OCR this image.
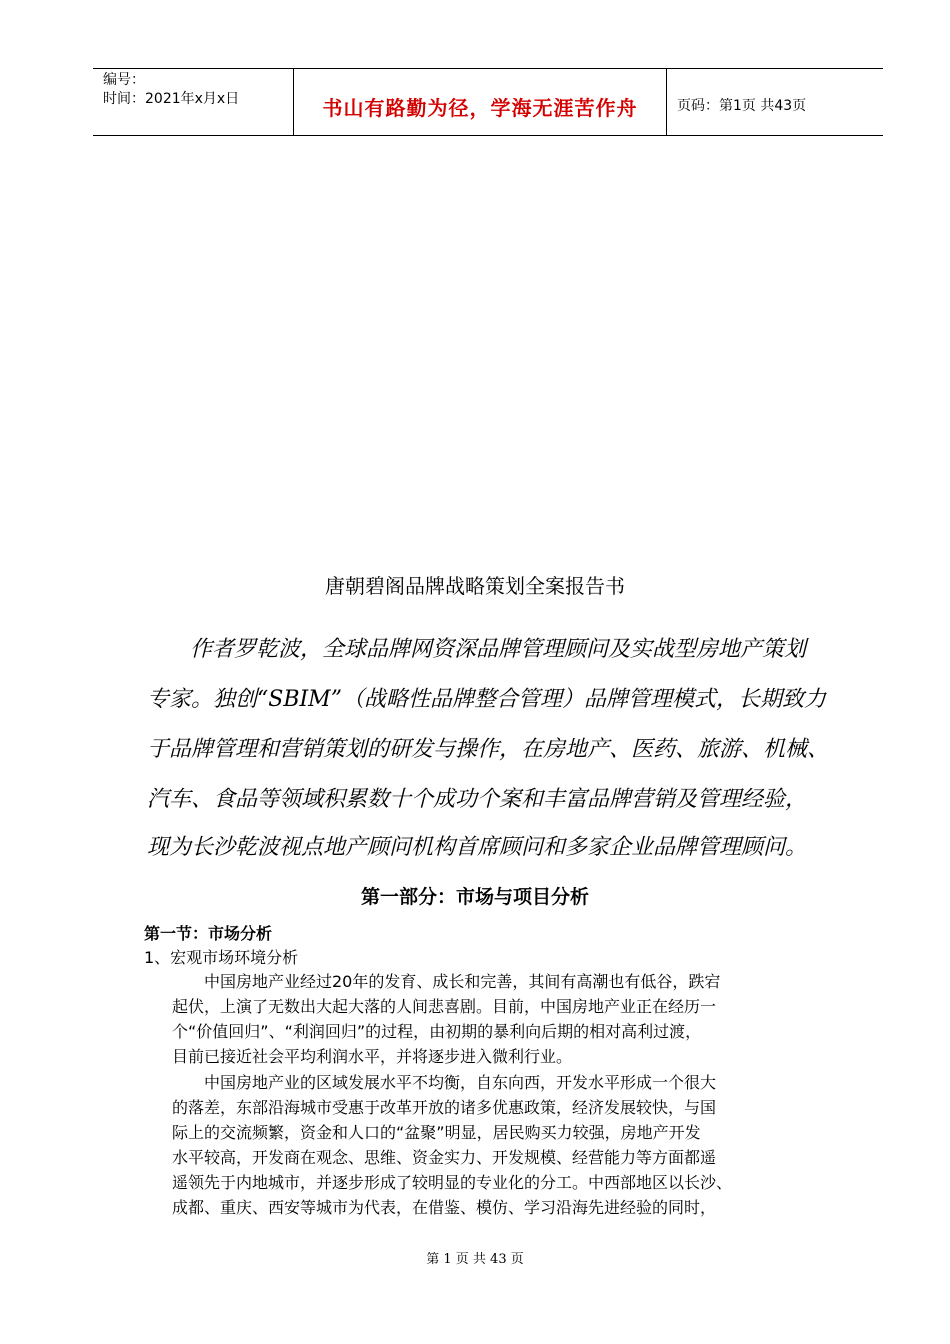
编号：
时间：2021年x月x日	书山有路勤为径，学海无涯苦作舟	页码：第1页 共43页
唐朝碧阁品牌战略策划全案报告书
作者罗乾波，全球品牌网资深品牌管理顾问及实战型房地产策划
专家。独创“SBIM”（战略性品牌整合管理）品牌管理模式，长期致力
于品牌管理和营销策划的研发与操作，在房地产、医药、旅游、机械、
汽车、食品等领域积累数十个成功个案和丰富品牌营销及管理经验，
现为长沙乾波视点地产顾问机构首席顾问和多家企业品牌管理顾问。
第一部分：市场与项目分析
第一节：市场分析
1、宏观市场环境分析
　　中国房地产业经过20年的发育、成长和完善，其间有高潮也有低谷，跌宕
起伏，上演了无数出大起大落的人间悲喜剧。目前，中国房地产业正在经历一
个“价值回归”、“利润回归”的过程，由初期的暴利向后期的相对高利过渡，
目前已接近社会平均利润水平，并将逐步进入微利行业。
　　中国房地产业的区域发展水平不均衡，自东向西，开发水平形成一个很大
的落差，东部沿海城市受惠于改革开放的诸多优惠政策，经济发展较快，与国
际上的交流频繁，资金和人口的“盆聚”明显，居民购买力较强，房地产开发
水平较高，开发商在观念、思维、资金实力、开发规模、经营能力等方面都遥
遥领先于内地城市，并逐步形成了较明显的专业化的分工。中西部地区以长沙、
成都、重庆、西安等城市为代表，在借鉴、模仿、学习沿海先进经验的同时，
第 1 页 共 43 页
